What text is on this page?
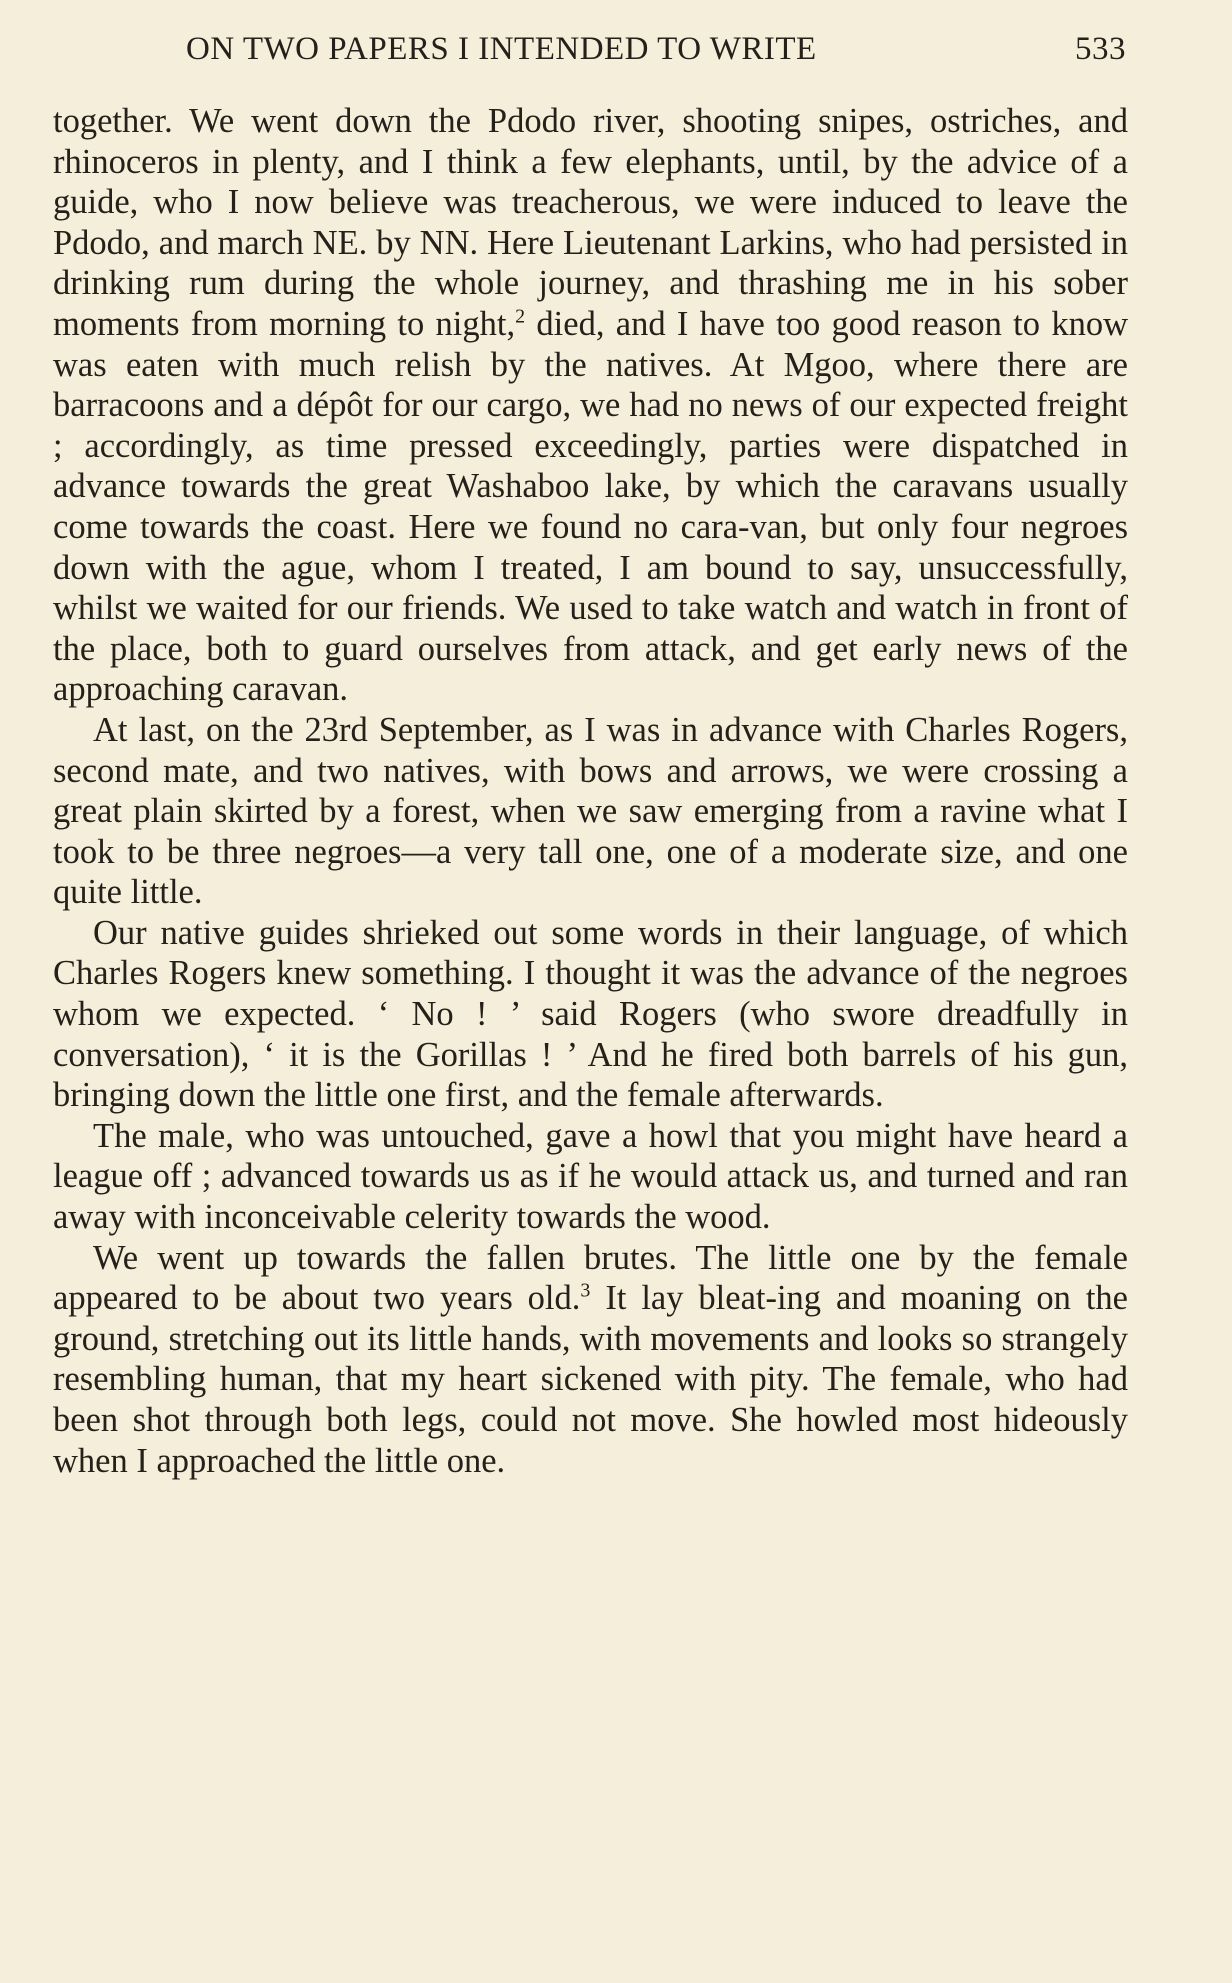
ON TWO PAPERS I INTENDED TO WRITE	533

together. We went down the Pdodo river, shooting snipes, ostriches, and rhinoceros in plenty, and I think a few elephants, until, by the advice of a guide, who I now believe was treacherous, we were induced to leave the Pdodo, and march NE. by NN. Here Lieutenant Larkins, who had persisted in drinking rum during the whole journey, and thrashing me in his sober moments from morning to night,$^2$ died, and I have too good reason to know was eaten with much relish by the natives. At Mgoo, where there are barracoons and a dépôt for our cargo, we had no news of our expected freight ; accordingly, as time pressed exceedingly, parties were dispatched in advance towards the great Washaboo lake, by which the caravans usually come towards the coast. Here we found no cara-van, but only four negroes down with the ague, whom I treated, I am bound to say, unsuccessfully, whilst we waited for our friends. We used to take watch and watch in front of the place, both to guard ourselves from attack, and get early news of the approaching caravan.

At last, on the 23rd September, as I was in advance with Charles Rogers, second mate, and two natives, with bows and arrows, we were crossing a great plain skirted by a forest, when we saw emerging from a ravine what I took to be three negroes—a very tall one, one of a moderate size, and one quite little.

Our native guides shrieked out some words in their language, of which Charles Rogers knew something. I thought it was the advance of the negroes whom we expected. ‘ No ! ’ said Rogers (who swore dreadfully in conversation), ‘ it is the Gorillas ! ’ And he fired both barrels of his gun, bringing down the little one first, and the female afterwards.

The male, who was untouched, gave a howl that you might have heard a league off ; advanced towards us as if he would attack us, and turned and ran away with inconceivable celerity towards the wood.

We went up towards the fallen brutes. The little one by the female appeared to be about two years old.$^3$ It lay bleat-ing and moaning on the ground, stretching out its little hands, with movements and looks so strangely resembling human, that my heart sickened with pity. The female, who had been shot through both legs, could not move. She howled most hideously when I approached the little one.
